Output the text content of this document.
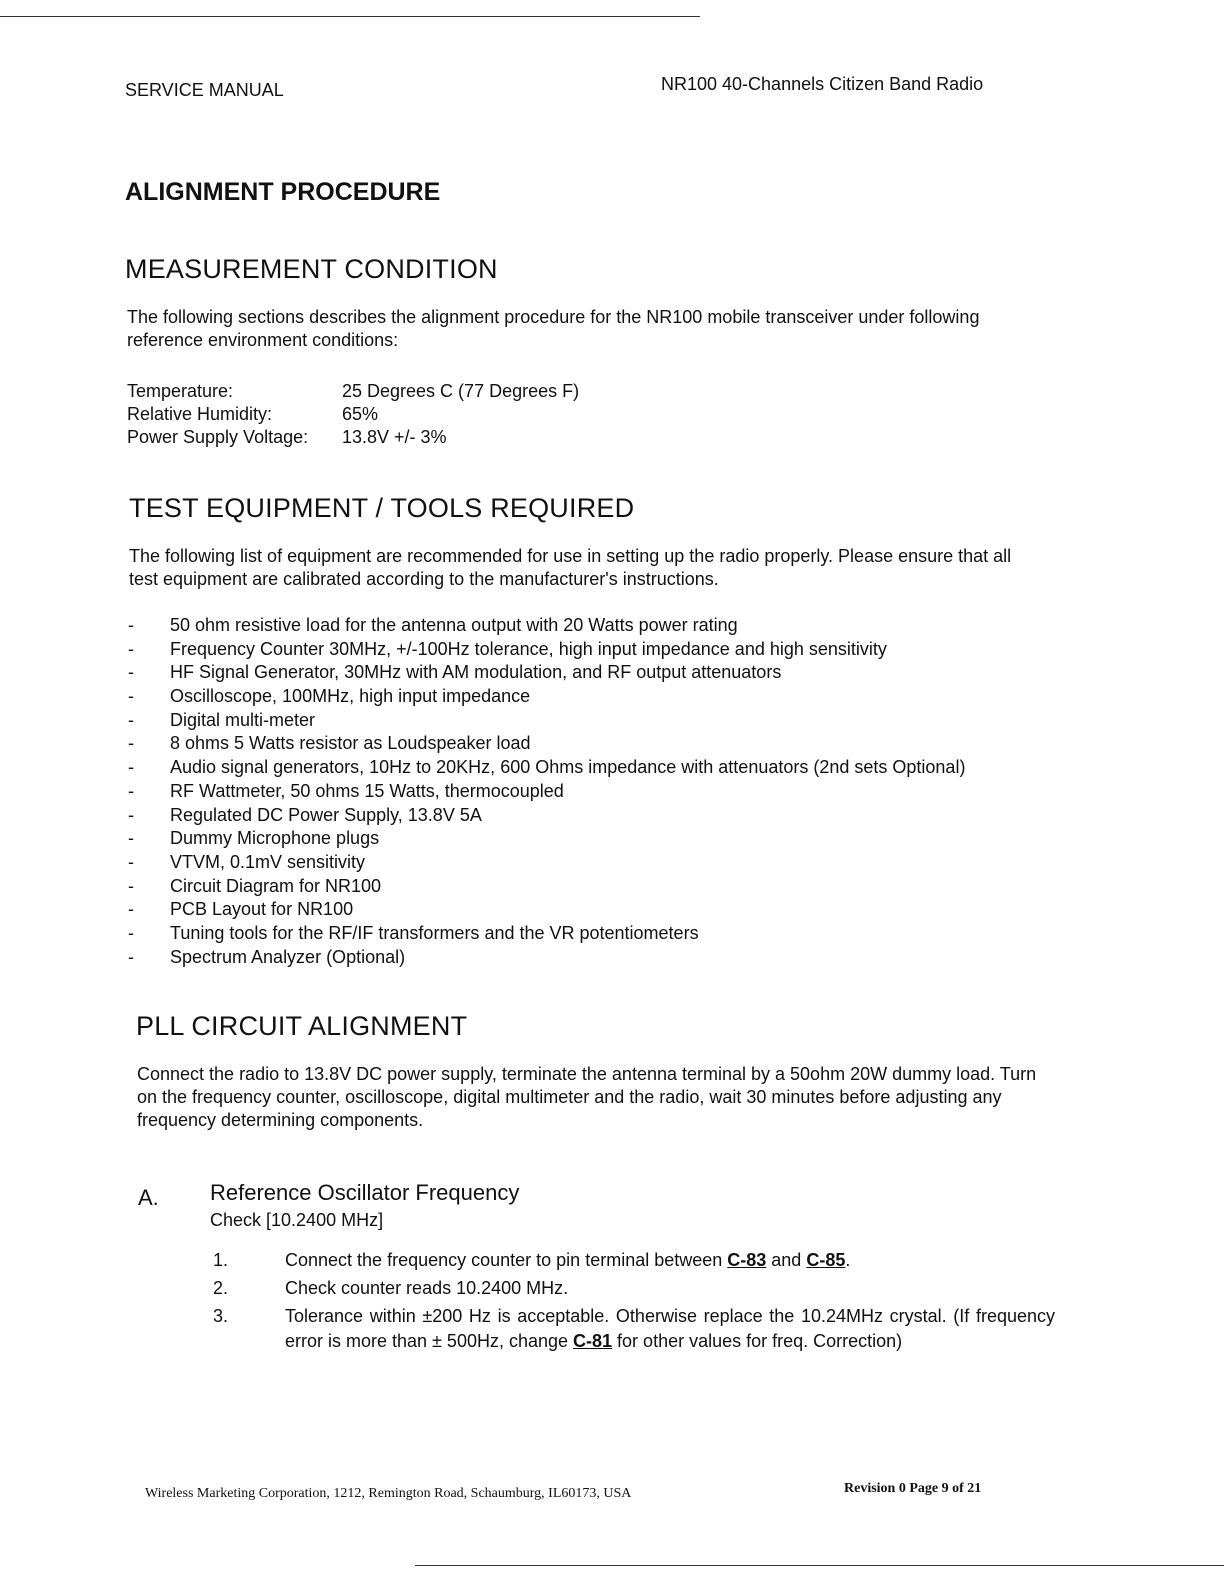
SERVICE MANUAL	NR100 40-Channels Citizen Band Radio
ALIGNMENT PROCEDURE
MEASUREMENT CONDITION
The following sections describes the alignment procedure for the NR100 mobile transceiver under following reference environment conditions:
Temperature:	25 Degrees C (77 Degrees F)
Relative Humidity:	65%
Power Supply Voltage:	13.8V +/- 3%
TEST EQUIPMENT / TOOLS REQUIRED
The following list of equipment are recommended for use in setting up the radio properly. Please ensure that all test equipment are calibrated according to the manufacturer's instructions.
-	50 ohm resistive load for the antenna output with 20 Watts power rating
-	Frequency Counter 30MHz, +/-100Hz tolerance, high input impedance and high sensitivity
-	HF Signal Generator, 30MHz with AM modulation, and RF output attenuators
-	Oscilloscope, 100MHz, high input impedance
-	Digital multi-meter
-	8 ohms 5 Watts resistor as Loudspeaker load
-	Audio signal generators, 10Hz to 20KHz, 600 Ohms impedance with attenuators (2nd sets Optional)
-	RF Wattmeter, 50 ohms 15 Watts, thermocoupled
-	Regulated DC Power Supply, 13.8V 5A
-	Dummy Microphone plugs
-	VTVM, 0.1mV sensitivity
-	Circuit Diagram for NR100
-	PCB Layout for NR100
-	Tuning tools for the RF/IF transformers and the VR potentiometers
-	Spectrum Analyzer (Optional)
PLL CIRCUIT ALIGNMENT
Connect the radio to 13.8V DC power supply, terminate the antenna terminal by a 50ohm 20W dummy load. Turn on the frequency counter, oscilloscope, digital multimeter and the radio, wait 30 minutes before adjusting any frequency determining components.
A. Reference Oscillator Frequency
Check [10.2400 MHz]
1.	Connect the frequency counter to pin terminal between C-83 and C-85.
2.	Check counter reads 10.2400 MHz.
3.	Tolerance within ±200 Hz is acceptable. Otherwise replace the 10.24MHz crystal. (If frequency error is more than ± 500Hz, change C-81 for other values for freq. Correction)
Wireless Marketing Corporation, 1212, Remington Road, Schaumburg, IL60173, USA	Revision 0 Page 9 of 21
